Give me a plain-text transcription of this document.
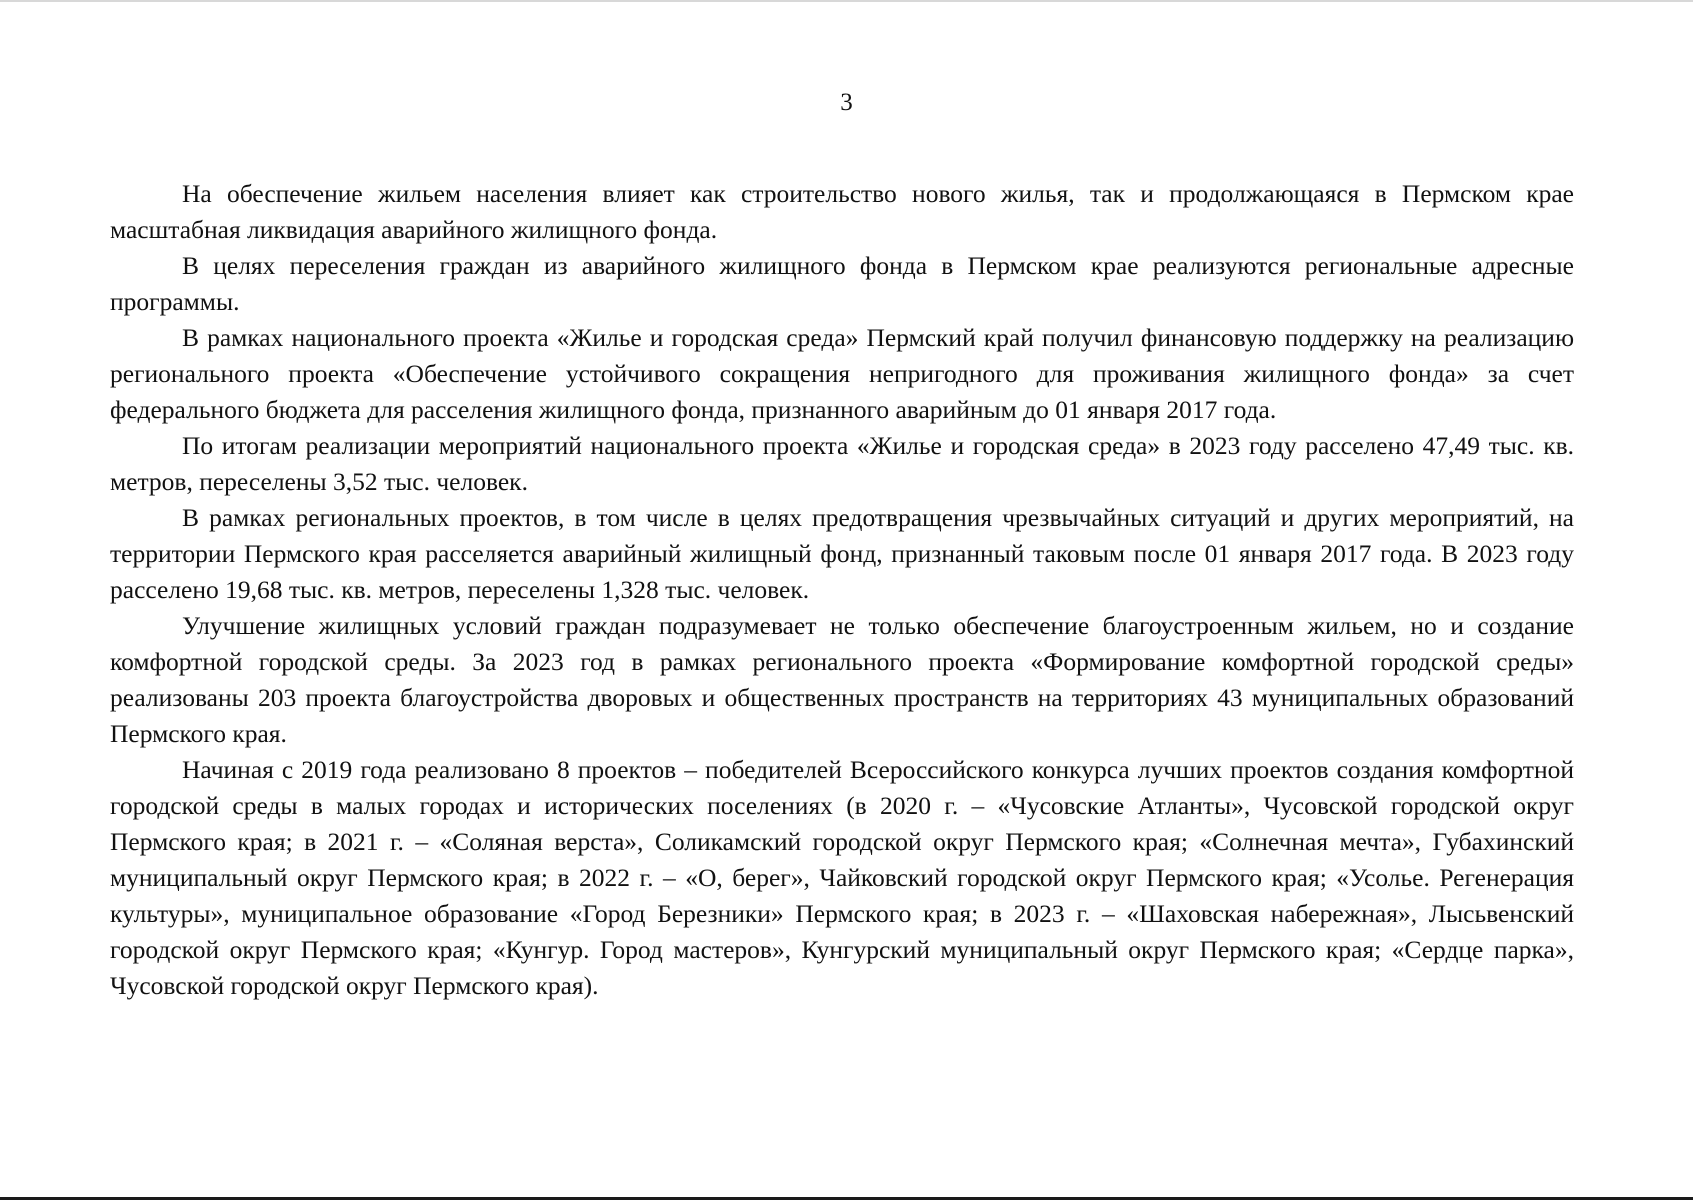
3

На обеспечение жильем населения влияет как строительство нового жилья, так и продолжающаяся в Пермском крае масштабная ликвидация аварийного жилищного фонда.

В целях переселения граждан из аварийного жилищного фонда в Пермском крае реализуются региональные адресные программы.

В рамках национального проекта «Жилье и городская среда» Пермский край получил финансовую поддержку на реализацию регионального проекта «Обеспечение устойчивого сокращения непригодного для проживания жилищного фонда» за счет федерального бюджета для расселения жилищного фонда, признанного аварийным до 01 января 2017 года.

По итогам реализации мероприятий национального проекта «Жилье и городская среда» в 2023 году расселено 47,49 тыс. кв. метров, переселены 3,52 тыс. человек.

В рамках региональных проектов, в том числе в целях предотвращения чрезвычайных ситуаций и других мероприятий, на территории Пермского края расселяется аварийный жилищный фонд, признанный таковым после 01 января 2017 года. В 2023 году расселено 19,68 тыс. кв. метров, переселены 1,328 тыс. человек.

Улучшение жилищных условий граждан подразумевает не только обеспечение благоустроенным жильем, но и создание комфортной городской среды. За 2023 год в рамках регионального проекта «Формирование комфортной городской среды» реализованы 203 проекта благоустройства дворовых и общественных пространств на территориях 43 муниципальных образований Пермского края.

Начиная с 2019 года реализовано 8 проектов – победителей Всероссийского конкурса лучших проектов создания комфортной городской среды в малых городах и исторических поселениях (в 2020 г. – «Чусовские Атланты», Чусовской городской округ Пермского края; в 2021 г. – «Соляная верста», Соликамский городской округ Пермского края; «Солнечная мечта», Губахинский муниципальный округ Пермского края; в 2022 г. – «О, берег», Чайковский городской округ Пермского края; «Усолье. Регенерация культуры», муниципальное образование «Город Березники» Пермского края; в 2023 г. – «Шаховская набережная», Лысьвенский городской округ Пермского края; «Кунгур. Город мастеров», Кунгурский муниципальный округ Пермского края; «Сердце парка», Чусовской городской округ Пермского края).
